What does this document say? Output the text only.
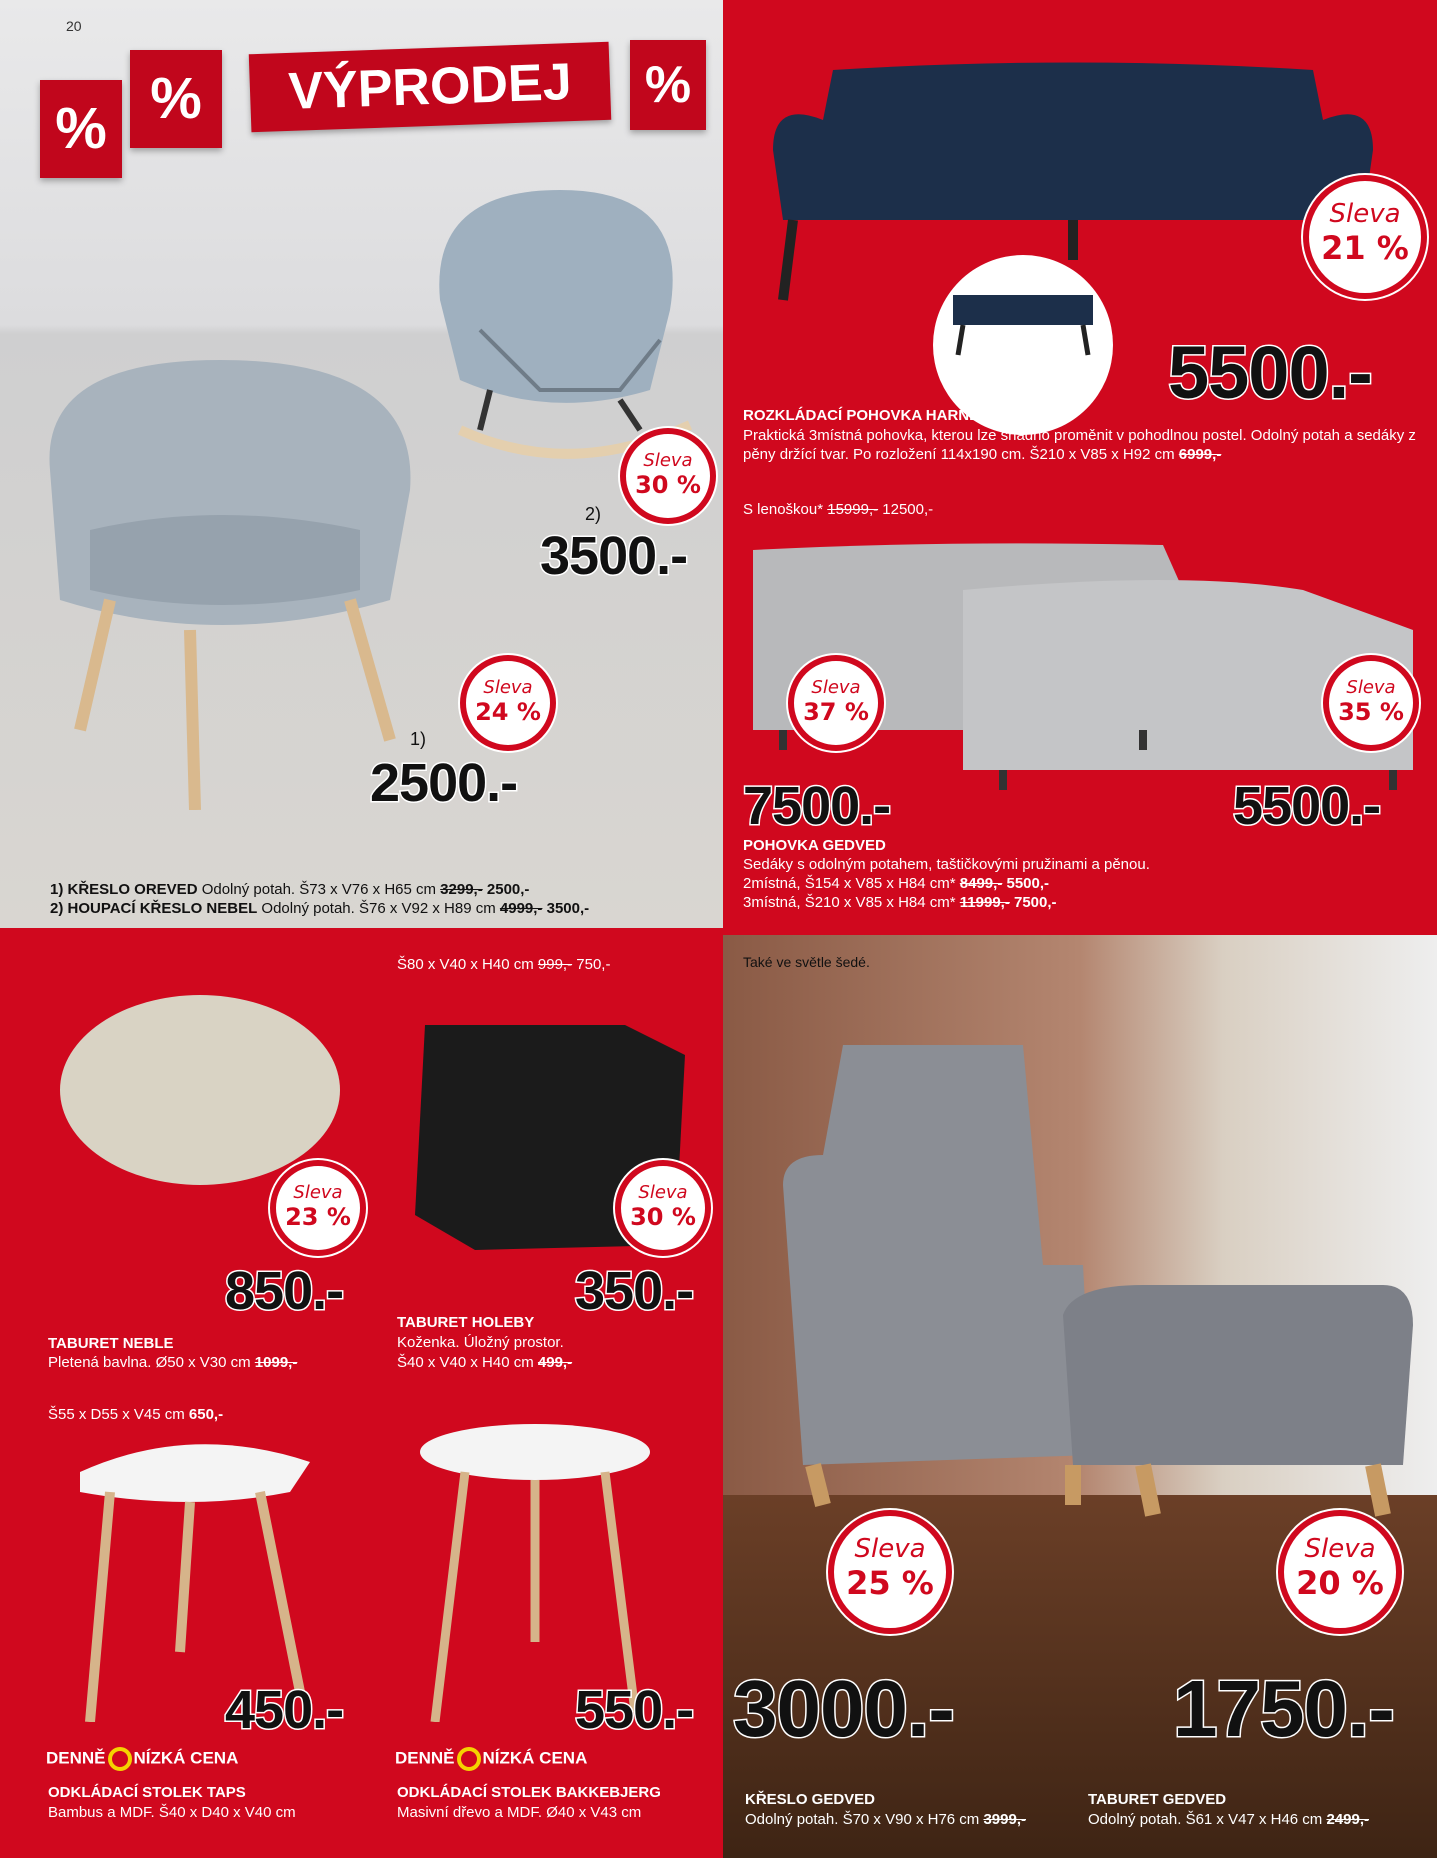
20
% %	VÝPRODEJ	%
Sleva
24 %
Sleva
30 %
2)
3500.-
1)
2500.-
1) KŘESLO OREVED Odolný potah. Š73 x V76 x H65 cm 3299,- 2500,-
2) HOUPACÍ KŘESLO NEBEL Odolný potah. Š76 x V92 x H89 cm 4999,- 3500,-
Sleva
21 %
5500.-
ROZKLÁDACÍ POHOVKA HARNDRUP
Praktická 3místná pohovka, kterou lze snadno proměnit v pohodlnou postel. Odolný potah a sedáky z pěny držící tvar. Po rozložení 114x190 cm. Š210 x V85 x H92 cm 6999,-
S lenoškou* 15999,- 12500,-
Sleva
37 %
Sleva
35 %
7500.-	5500.-
POHOVKA GEDVED
Sedáky s odolným potahem, taštičkovými pružinami a pěnou.
2místná, Š154 x V85 x H84 cm* 8499,- 5500,-
3místná, Š210 x V85 x H84 cm* 11999,- 7500,-
Sleva
23 %
850.-
TABURET NEBLE
Pletená bavlna. Ø50 x V30 cm 1099,-
Š80 x V40 x H40 cm 999,- 750,-
Sleva
30 %
350.-
TABURET HOLEBY
Koženka. Úložný prostor.
Š40 x V40 x H40 cm 499,-
Š55 x D55 x V45 cm 650,-
450.-
DENNĚ NÍZKÁ CENA
ODKLÁDACÍ STOLEK TAPS
Bambus a MDF. Š40 x D40 x V40 cm
550.-
DENNĚ NÍZKÁ CENA
ODKLÁDACÍ STOLEK BAKKEBJERG
Masivní dřevo a MDF. Ø40 x V43 cm
Také ve světle šedé.
Sleva
25 %
Sleva
20 %
3000.-	1750.-
KŘESLO GEDVED
Odolný potah. Š70 x V90 x H76 cm 3999,-
TABURET GEDVED
Odolný potah. Š61 x V47 x H46 cm 2499,-
